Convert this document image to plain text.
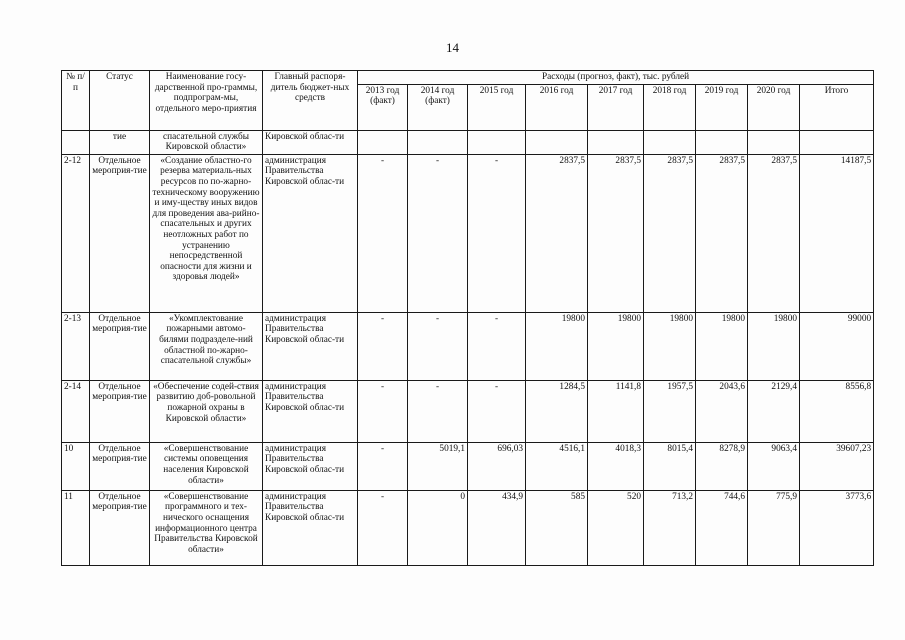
14
№ п/п	Статус	Наименование госу-дарственной про-граммы, подпрограм-мы, отдельного меро-приятия	Главный распоря-дитель бюджет-ных средств	Расходы (прогноз, факт), тыс. рублей								
				2013 год (факт)	2014 год (факт)	2015 год	2016 год	2017 год	2018 год	2019 год	2020 год	Итого
	тие	спасательной службы Кировской области»	Кировской облас-ти									
2-12	Отдельное мероприя-тие	«Создание областно-го резерва материаль-ных ресурсов по по-жарно-техническому вооружению и иму-ществу иных видов для проведения ава-рийно-спасательных и других неотложных работ по устранению непосредственной опасности для жизни и здоровья людей»	администрация Правительства Кировской облас-ти	-	-	-	2837,5	2837,5	2837,5	2837,5	2837,5	14187,5
2-13	Отдельное мероприя-тие	«Укомплектование пожарными автомо-билями подразделе-ний областной по-жарно-спасательной службы»	администрация Правительства Кировской облас-ти	-	-	-	19800	19800	19800	19800	19800	99000
2-14	Отдельное мероприя-тие	«Обеспечение содей-ствия развитию доб-ровольной пожарной охраны в Кировской области»	администрация Правительства Кировской облас-ти	-	-	-	1284,5	1141,8	1957,5	2043,6	2129,4	8556,8
10	Отдельное мероприя-тие	«Совершенствование системы оповещения населения Кировской области»	администрация Правительства Кировской облас-ти	-	5019,1	696,03	4516,1	4018,3	8015,4	8278,9	9063,4	39607,23
11	Отдельное мероприя-тие	«Совершенствование программного и тех-нического оснащения информационного центра Правительства Кировской области»	администрация Правительства Кировской облас-ти	-	0	434,9	585	520	713,2	744,6	775,9	3773,6
